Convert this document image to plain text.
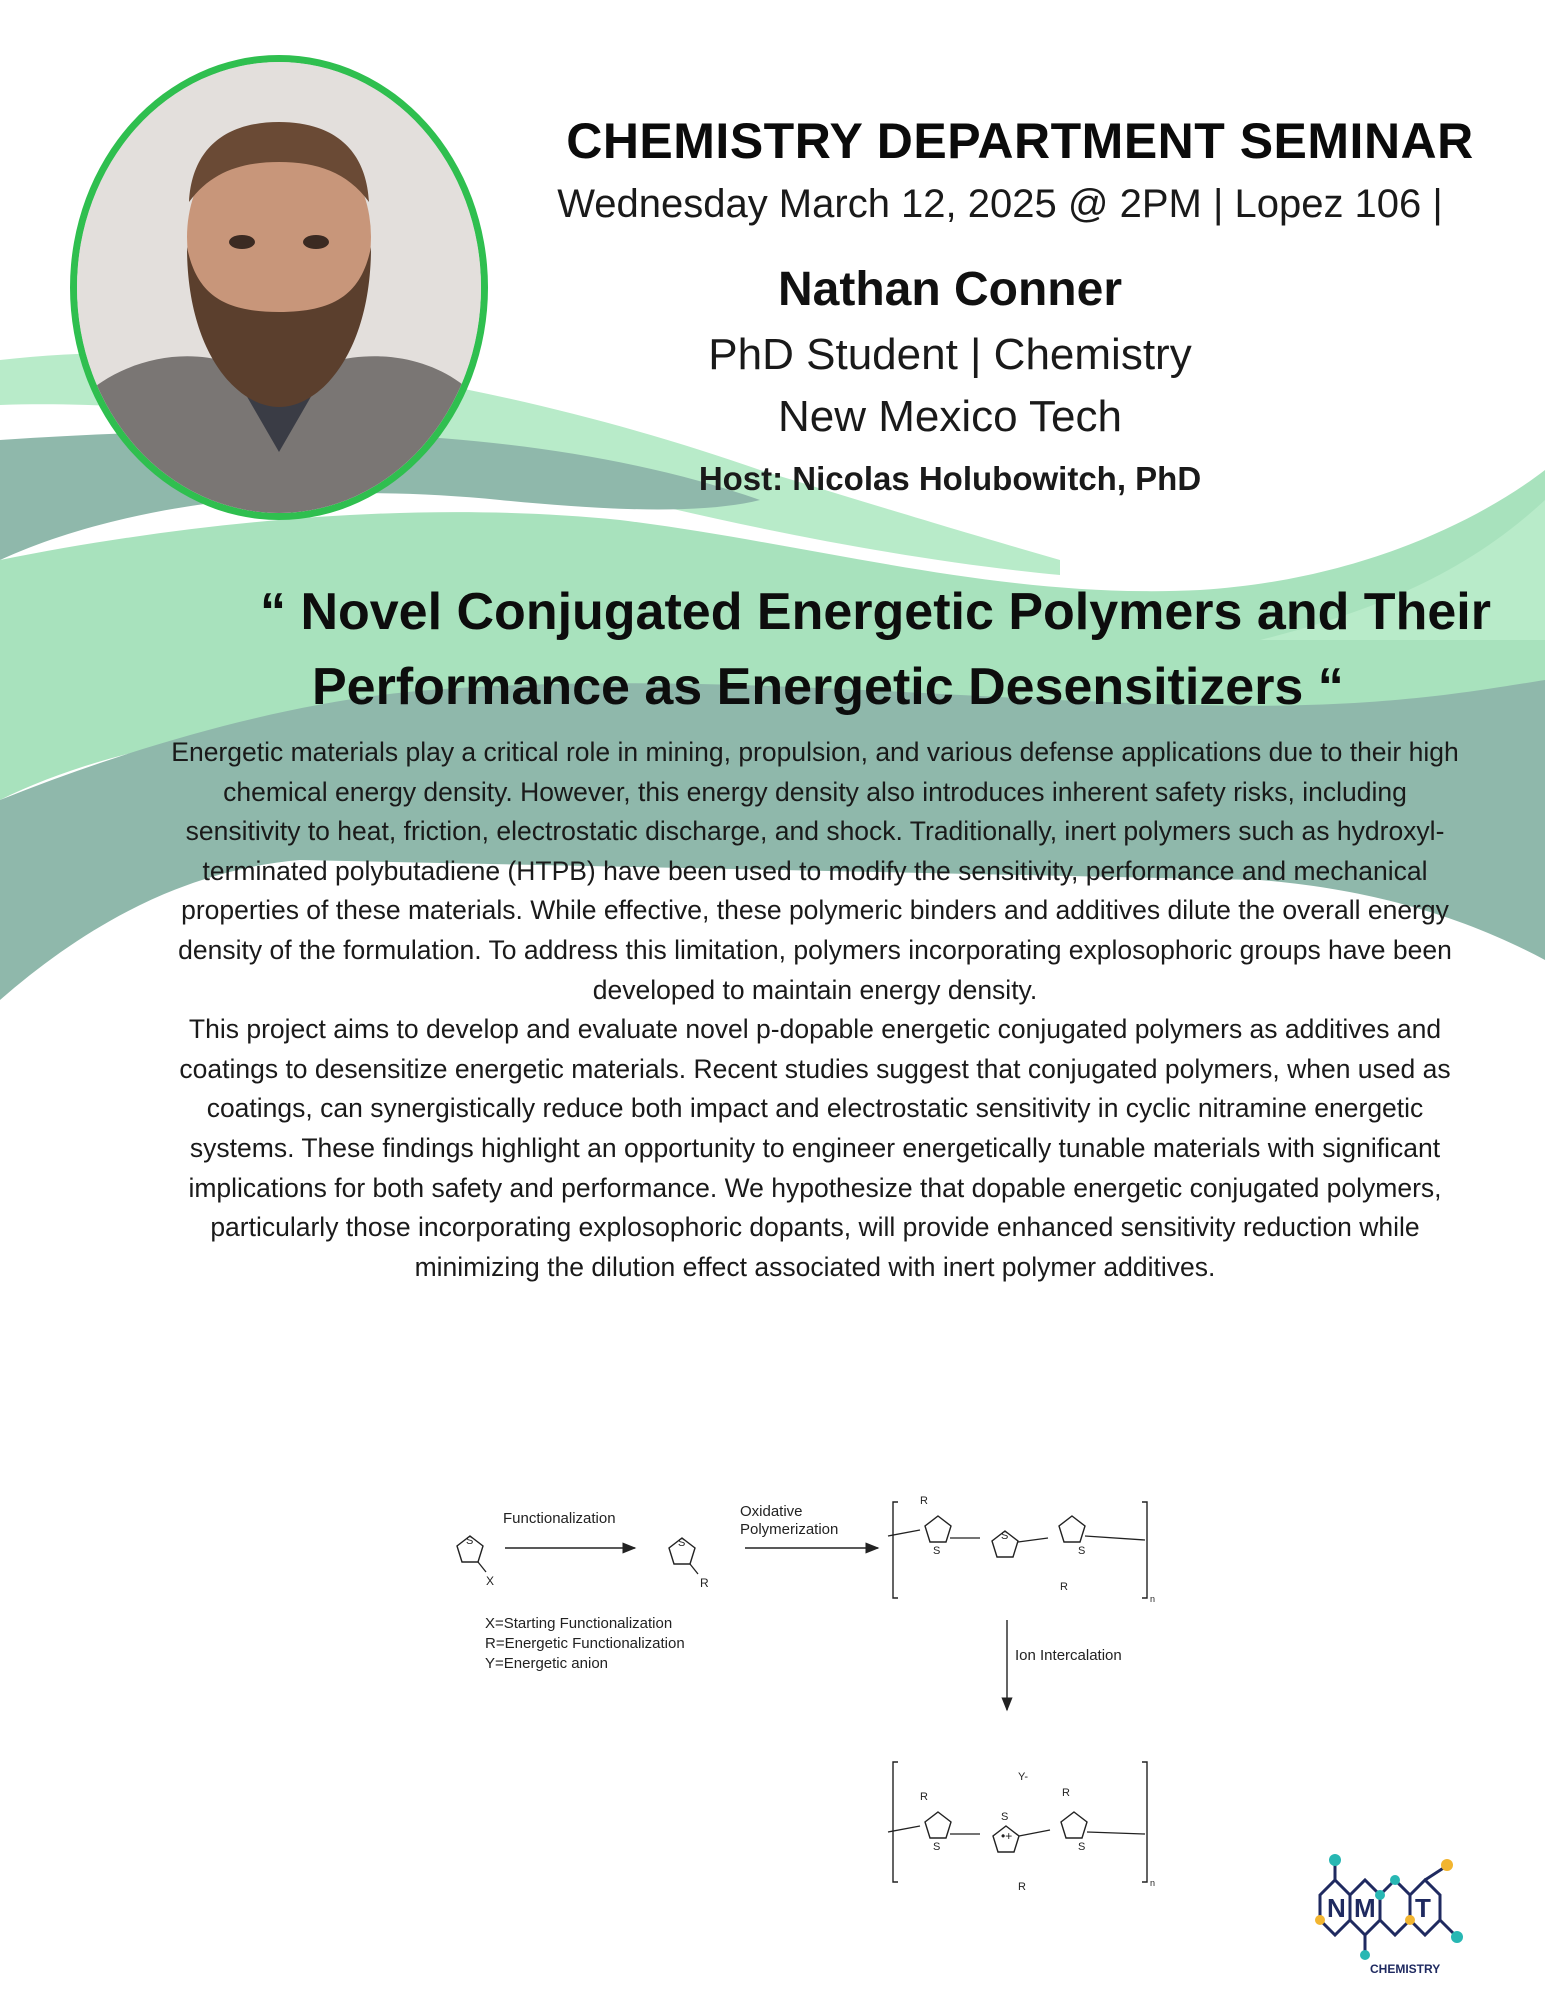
CHEMISTRY DEPARTMENT SEMINAR
Wednesday March 12, 2025 @ 2PM | Lopez 106 |
Nathan Conner
PhD Student | Chemistry
New Mexico Tech
Host: Nicolas Holubowitch, PhD
“ Novel Conjugated Energetic Polymers and Their
Performance as Energetic Desensitizers “

Energetic materials play a critical role in mining, propulsion, and various defense applications due to their high chemical energy density. However, this energy density also introduces inherent safety risks, including sensitivity to heat, friction, electrostatic discharge, and shock. Traditionally, inert polymers such as hydroxyl-terminated polybutadiene (HTPB) have been used to modify the sensitivity, performance and mechanical properties of these materials. While effective, these polymeric binders and additives dilute the overall energy density of the formulation. To address this limitation, polymers incorporating explosophoric groups have been developed to maintain energy density.

This project aims to develop and evaluate novel p-dopable energetic conjugated polymers as additives and coatings to desensitize energetic materials. Recent studies suggest that conjugated polymers, when used as coatings, can synergistically reduce both impact and electrostatic sensitivity in cyclic nitramine energetic systems. These findings highlight an opportunity to engineer energetically tunable materials with significant implications for both safety and performance. We hypothesize that dopable energetic conjugated polymers, particularly those incorporating explosophoric dopants, will provide enhanced sensitivity reduction while minimizing the dilution effect associated with inert polymer additives.

S
X
Functionalization
S
R
Oxidative
Polymerization
n
S
R
S
R
S
Ion Intercalation
X=Starting Functionalization
R=Energetic Functionalization
Y=Energetic anion
n
Y-
S
R
S
•+
R
R
S
N M T
CHEMISTRY
